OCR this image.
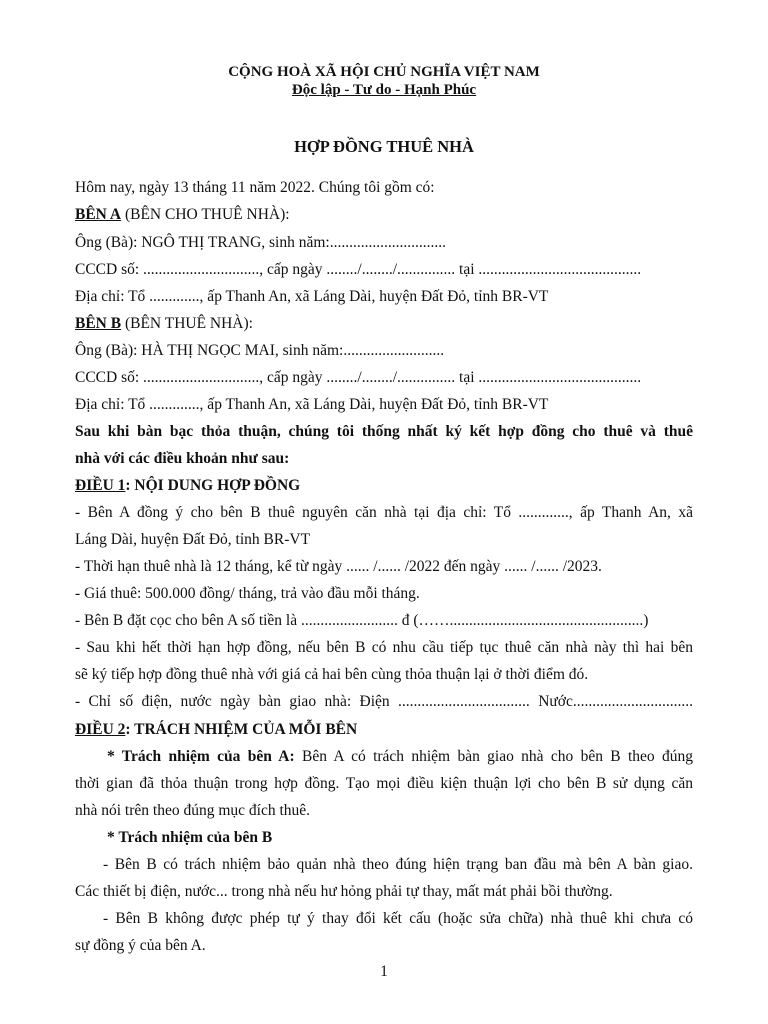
CỘNG HOÀ XÃ HỘI CHỦ NGHĨA VIỆT NAM
Độc lập - Tư do - Hạnh Phúc
HỢP ĐỒNG THUÊ NHÀ
Hôm nay, ngày 13 tháng 11 năm 2022. Chúng tôi gồm có:
BÊN A (BÊN CHO THUÊ NHÀ):
Ông (Bà): NGÔ THỊ TRANG, sinh năm:..............................
CCCD số: .............................., cấp ngày ......../......../............... tại ..........................................
Địa chỉ: Tổ ............., ấp Thanh An, xã Láng Dài, huyện Đất Đỏ, tỉnh BR-VT
BÊN B (BÊN THUÊ NHÀ):
Ông (Bà): HÀ THỊ NGỌC MAI, sinh năm:..........................
CCCD số: .............................., cấp ngày ......../......../............... tại ..........................................
Địa chỉ: Tổ ............., ấp Thanh An, xã Láng Dài, huyện Đất Đỏ, tỉnh BR-VT
Sau khi bàn bạc thỏa thuận, chúng tôi thống nhất ký kết hợp đồng cho thuê và thuê
nhà với các điều khoản như sau:
ĐIỀU 1: NỘI DUNG HỢP ĐỒNG
- Bên A đồng ý cho bên B thuê nguyên căn nhà tại địa chỉ: Tổ ............., ấp Thanh An, xã
Láng Dài, huyện Đất Đỏ, tỉnh BR-VT
- Thời hạn thuê nhà là 12 tháng, kể từ ngày ...... /...... /2022 đến ngày ...... /...... /2023.
- Giá thuê: 500.000 đồng/ tháng, trả vào đầu mỗi tháng.
- Bên B đặt cọc cho bên A số tiền là ......................... đ (……..................................................)
- Sau khi hết thời hạn hợp đồng, nếu bên B có nhu cầu tiếp tục thuê căn nhà này thì hai bên
sẽ ký tiếp hợp đồng thuê nhà với giá cả hai bên cùng thỏa thuận lại ở thời điểm đó.
- Chỉ số điện, nước ngày bàn giao nhà: Điện .................................. Nước...............................
ĐIỀU 2: TRÁCH NHIỆM CỦA MỖI BÊN
* Trách nhiệm của bên A: Bên A có trách nhiệm bàn giao nhà cho bên B theo đúng
thời gian đã thỏa thuận trong hợp đồng. Tạo mọi điều kiện thuận lợi cho bên B sử dụng căn
nhà nói trên theo đúng mục đích thuê.
* Trách nhiệm của bên B
- Bên B có trách nhiệm bảo quản nhà theo đúng hiện trạng ban đầu mà bên A bàn giao.
Các thiết bị điện, nước... trong nhà nếu hư hỏng phải tự thay, mất mát phải bồi thường.
- Bên B không được phép tự ý thay đổi kết cấu (hoặc sửa chữa) nhà thuê khi chưa có
sự đồng ý của bên A.
1
